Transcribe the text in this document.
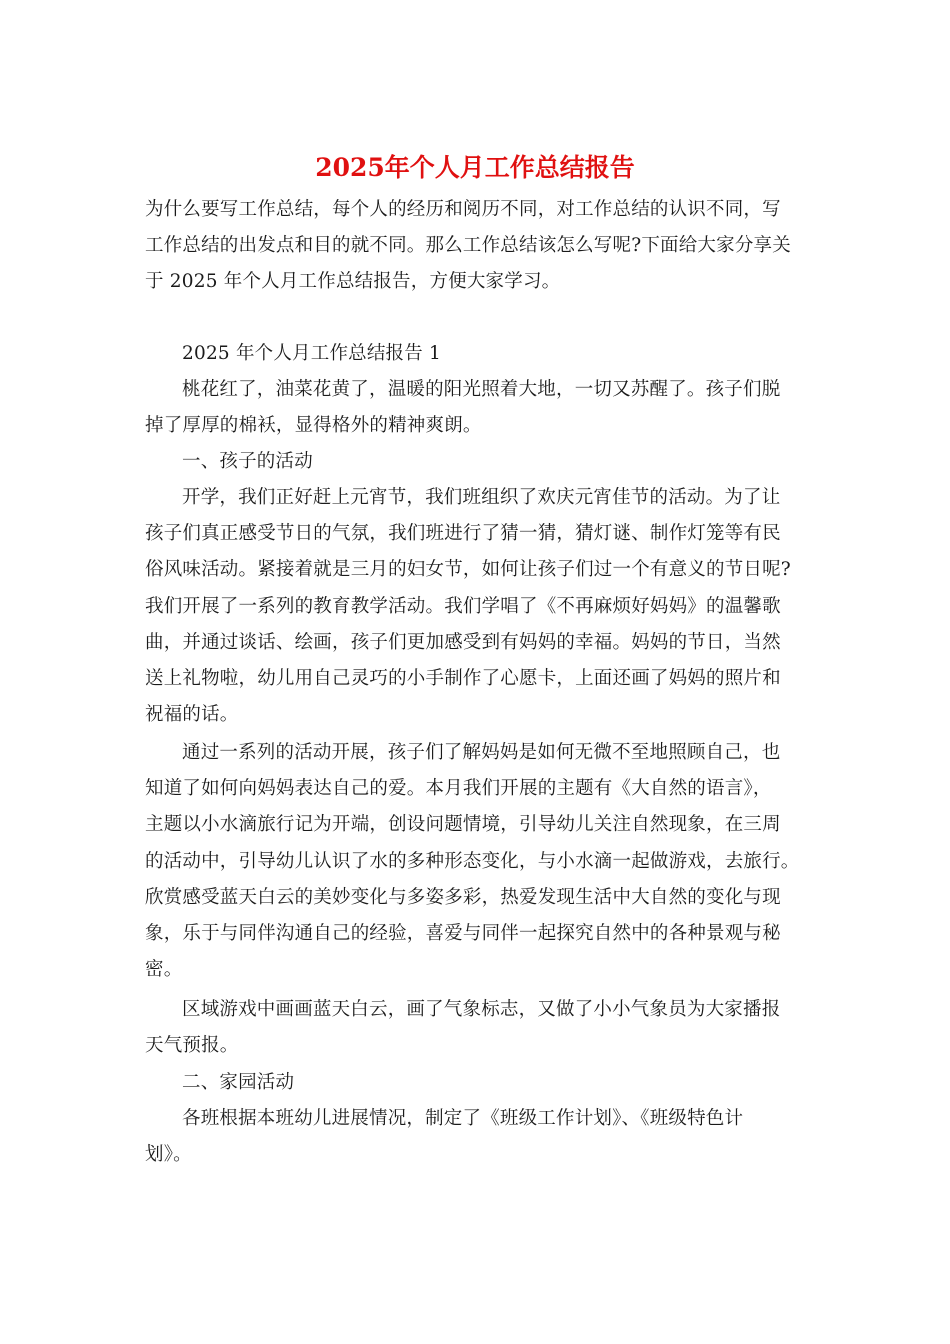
2025年个人月工作总结报告
为什么要写工作总结，每个人的经历和阅历不同，对工作总结的认识不同，写
工作总结的出发点和目的就不同。那么工作总结该怎么写呢?下面给大家分享关
于 2025 年个人月工作总结报告，方便大家学习。
2025 年个人月工作总结报告 1
桃花红了，油菜花黄了，温暖的阳光照着大地，一切又苏醒了。孩子们脱
掉了厚厚的棉袄，显得格外的精神爽朗。
一、孩子的活动
开学，我们正好赶上元宵节，我们班组织了欢庆元宵佳节的活动。为了让
孩子们真正感受节日的气氛，我们班进行了猜一猜，猜灯谜、制作灯笼等有民
俗风味活动。紧接着就是三月的妇女节，如何让孩子们过一个有意义的节日呢?
我们开展了一系列的教育教学活动。我们学唱了《不再麻烦好妈妈》的温馨歌
曲，并通过谈话、绘画，孩子们更加感受到有妈妈的幸福。妈妈的节日，当然
送上礼物啦，幼儿用自己灵巧的小手制作了心愿卡，上面还画了妈妈的照片和
祝福的话。
通过一系列的活动开展，孩子们了解妈妈是如何无微不至地照顾自己，也
知道了如何向妈妈表达自己的爱。本月我们开展的主题有《大自然的语言》，
主题以小水滴旅行记为开端，创设问题情境，引导幼儿关注自然现象，在三周
的活动中，引导幼儿认识了水的多种形态变化，与小水滴一起做游戏，去旅行。
欣赏感受蓝天白云的美妙变化与多姿多彩，热爱发现生活中大自然的变化与现
象，乐于与同伴沟通自己的经验，喜爱与同伴一起探究自然中的各种景观与秘
密。
区域游戏中画画蓝天白云，画了气象标志，又做了小小气象员为大家播报
天气预报。
二、家园活动
各班根据本班幼儿进展情况，制定了《班级工作计划》、《班级特色计
划》。
